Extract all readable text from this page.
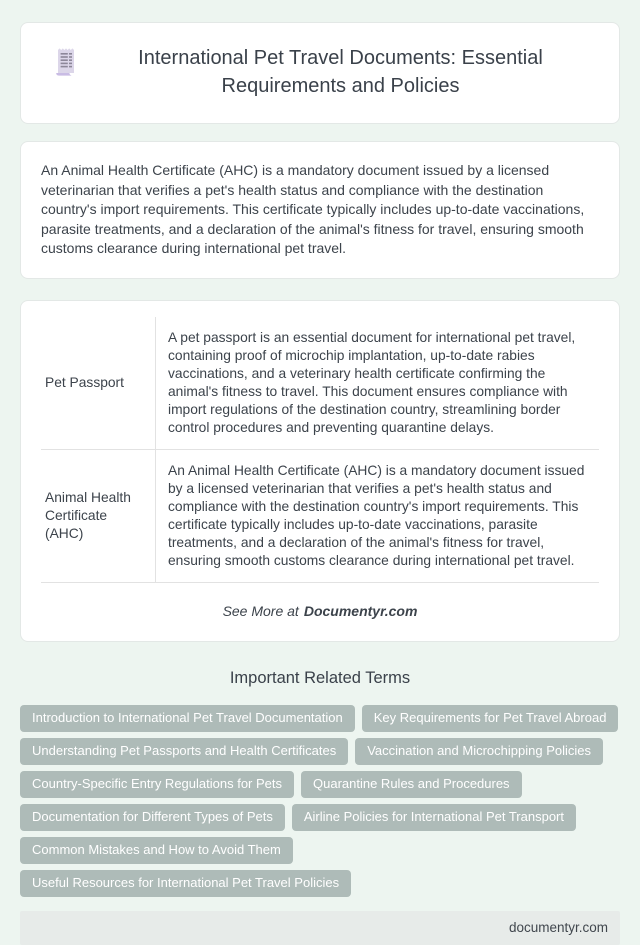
International Pet Travel Documents: Essential Requirements and Policies

An Animal Health Certificate (AHC) is a mandatory document issued by a licensed veterinarian that verifies a pet's health status and compliance with the destination country's import requirements. This certificate typically includes up-to-date vaccinations, parasite treatments, and a declaration of the animal's fitness for travel, ensuring smooth customs clearance during international pet travel.

Pet Passport	A pet passport is an essential document for international pet travel, containing proof of microchip implantation, up-to-date rabies vaccinations, and a veterinary health certificate confirming the animal's fitness to travel. This document ensures compliance with import regulations of the destination country, streamlining border control procedures and preventing quarantine delays.
Animal Health Certificate (AHC)	An Animal Health Certificate (AHC) is a mandatory document issued by a licensed veterinarian that verifies a pet's health status and compliance with the destination country's import requirements. This certificate typically includes up-to-date vaccinations, parasite treatments, and a declaration of the animal's fitness for travel, ensuring smooth customs clearance during international pet travel.

See More at Documentyr.com

Important Related Terms
Introduction to International Pet Travel Documentation	Key Requirements for Pet Travel Abroad
Understanding Pet Passports and Health Certificates	Vaccination and Microchipping Policies
Country-Specific Entry Regulations for Pets	Quarantine Rules and Procedures
Documentation for Different Types of Pets	Airline Policies for International Pet Transport
Common Mistakes and How to Avoid Them
Useful Resources for International Pet Travel Policies
documentyr.com
